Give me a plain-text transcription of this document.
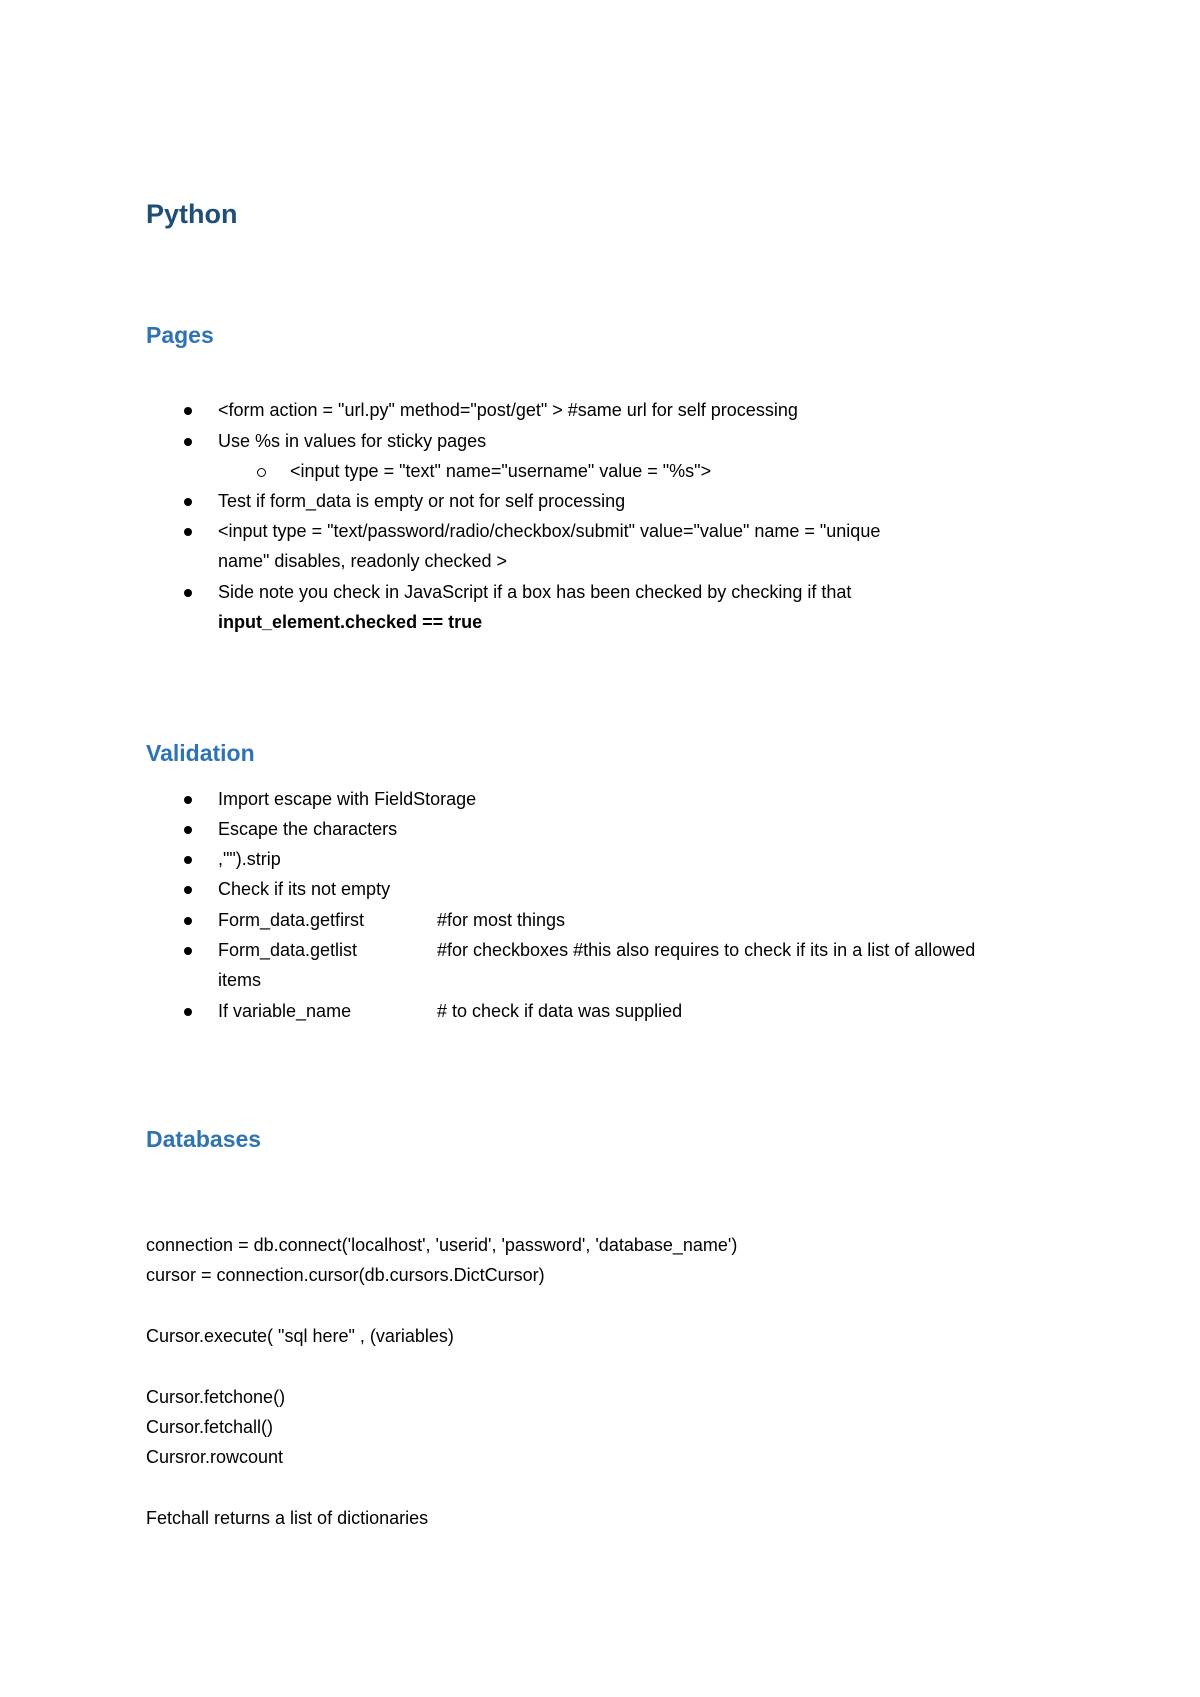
Python
Pages

<form action = "url.py" method="post/get" > #same url for self processing

Use %s in values for sticky pages

<input type = "text" name="username" value = "%s">

Test if form_data is empty or not for self processing

<input type = "text/password/radio/checkbox/submit" value="value" name = "unique

name" disables, readonly checked >

Side note you check in JavaScript if a box has been checked by checking if that

input_element.checked == true

Validation

Import escape with FieldStorage

Escape the characters

,"").strip

Check if its not empty

Form_data.getfirst	#for most things

Form_data.getlist	#for checkboxes #this also requires to check if its in a list of allowed

items

If variable_name	# to check if data was supplied

Databases

connection = db.connect('localhost', 'userid', 'password', 'database_name')

cursor = connection.cursor(db.cursors.DictCursor)

Cursor.execute( "sql here" , (variables)

Cursor.fetchone()

Cursor.fetchall()

Cursror.rowcount

Fetchall returns a list of dictionaries
